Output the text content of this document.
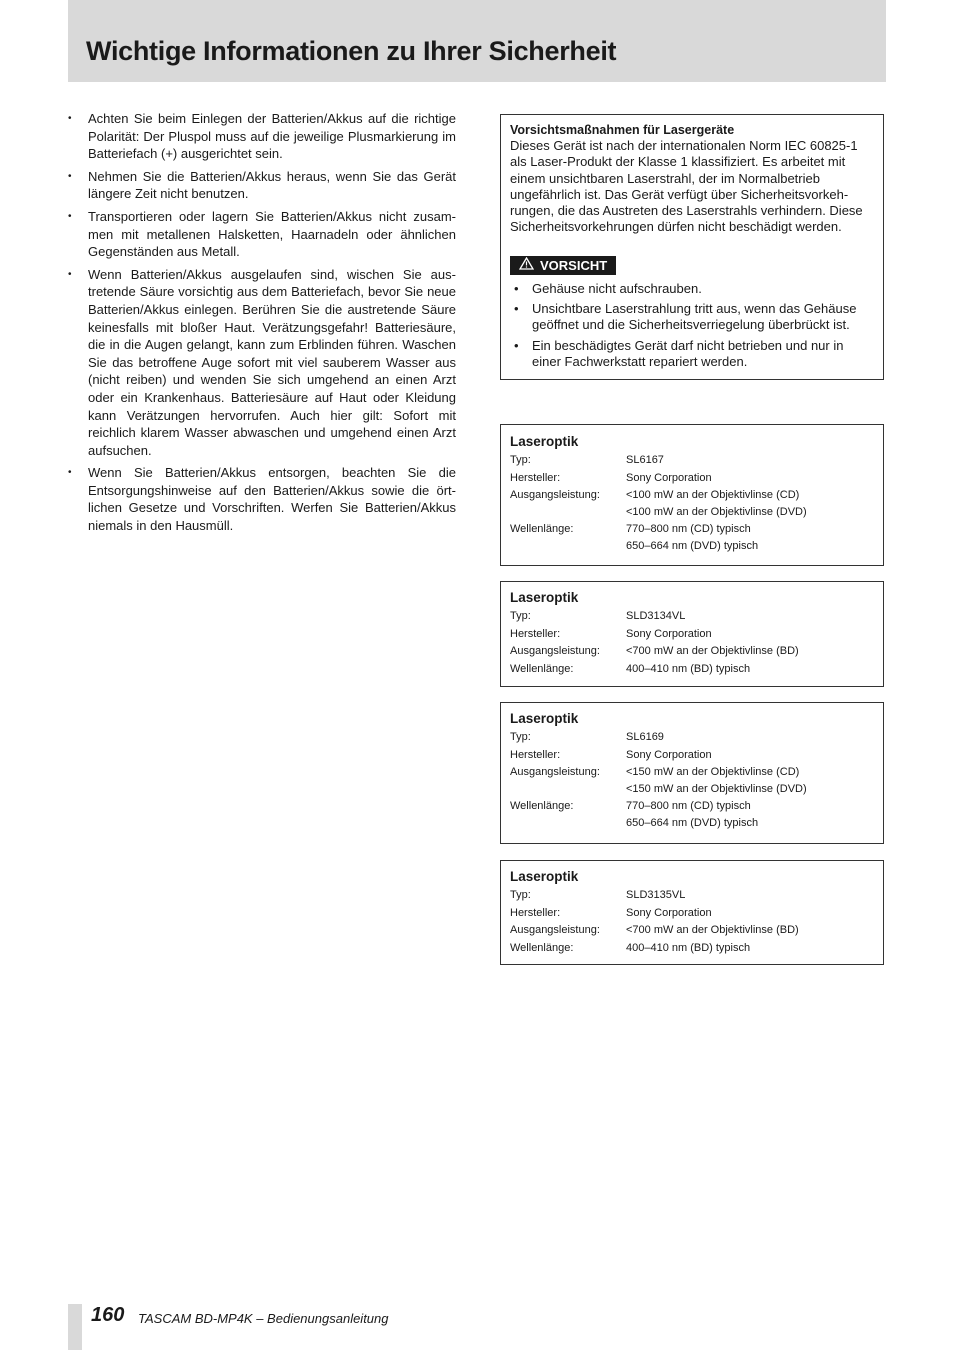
Wichtige Informationen zu Ihrer Sicherheit
• Achten Sie beim Einlegen der Batterien/Akkus auf die richtige Polarität: Der Pluspol muss auf die jeweilige Plusmarkierung im Batteriefach (+) ausgerichtet sein.
• Nehmen Sie die Batterien/Akkus heraus, wenn Sie das Gerät längere Zeit nicht benutzen.
• Transportieren oder lagern Sie Batterien/Akkus nicht zusammen mit metallenen Halsketten, Haarnadeln oder ähnlichen Gegenständen aus Metall.
• Wenn Batterien/Akkus ausgelaufen sind, wischen Sie austretende Säure vorsichtig aus dem Batteriefach, bevor Sie neue Batterien/Akkus einlegen. Berühren Sie die austretende Säure keinesfalls mit bloßer Haut. Verätzungsgefahr! Batteriesäure, die in die Augen gelangt, kann zum Erblinden führen. Waschen Sie das betroffene Auge sofort mit viel sauberem Wasser aus (nicht reiben) und wenden Sie sich umgehend an einen Arzt oder ein Krankenhaus. Batteriesäure auf Haut oder Kleidung kann Verätzungen hervorrufen. Auch hier gilt: Sofort mit reichlich klarem Wasser abwaschen und umgehend einen Arzt aufsuchen.
• Wenn Sie Batterien/Akkus entsorgen, beachten Sie die Entsorgungshinweise auf den Batterien/Akkus sowie die örtlichen Gesetze und Vorschriften. Werfen Sie Batterien/Akkus niemals in den Hausmüll.
Vorsichtsmaßnahmen für Lasergeräte
Dieses Gerät ist nach der internationalen Norm IEC 60825-1 als Laser-Produkt der Klasse 1 klassifiziert. Es arbeitet mit einem unsichtbaren Laserstrahl, der im Normalbetrieb ungefährlich ist. Das Gerät verfügt über Sicherheitsvorkehrungen, die das Austreten des Laserstrahls verhindern. Diese Sicherheitsvorkehrungen dürfen nicht beschädigt werden.
VORSICHT
• Gehäuse nicht aufschrauben.
• Unsichtbare Laserstrahlung tritt aus, wenn das Gehäuse geöffnet und die Sicherheitsverriegelung überbrückt ist.
• Ein beschädigtes Gerät darf nicht betrieben und nur in einer Fachwerkstatt repariert werden.
Laseroptik
Typ:	SL6167
Hersteller:	Sony Corporation
Ausgangsleistung:	<100 mW an der Objektivlinse (CD)
<100 mW an der Objektivlinse (DVD)
Wellenlänge:	770–800 nm (CD) typisch
650–664 nm (DVD) typisch
Laseroptik
Typ:	SLD3134VL
Hersteller:	Sony Corporation
Ausgangsleistung:	<700 mW an der Objektivlinse (BD)
Wellenlänge:	400–410 nm (BD) typisch
Laseroptik
Typ:	SL6169
Hersteller:	Sony Corporation
Ausgangsleistung:	<150 mW an der Objektivlinse (CD)
<150 mW an der Objektivlinse (DVD)
Wellenlänge:	770–800 nm (CD) typisch
650–664 nm (DVD) typisch
Laseroptik
Typ:	SLD3135VL
Hersteller:	Sony Corporation
Ausgangsleistung:	<700 mW an der Objektivlinse (BD)
Wellenlänge:	400–410 nm (BD) typisch
160 TASCAM BD-MP4K – Bedienungsanleitung
